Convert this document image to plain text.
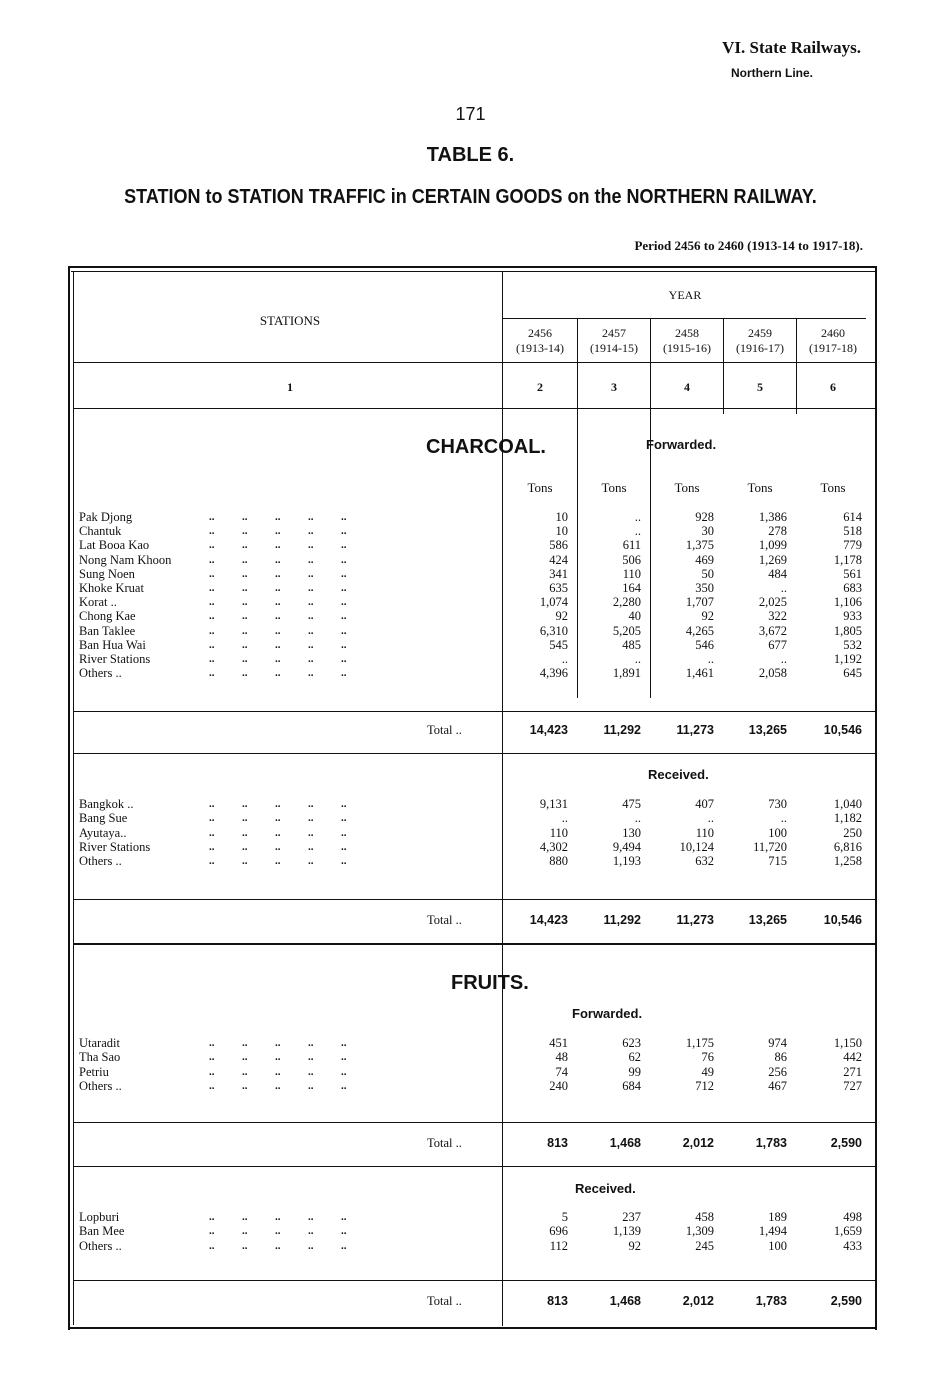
VI. State Railways.
Northern Line.
171
TABLE 6.
STATION to STATION TRAFFIC in CERTAIN GOODS on the NORTHERN RAILWAY.
Period 2456 to 2460 (1913-14 to 1917-18).
STATIONS
YEAR
2456
(1913-14)
2457
(1914-15)
2458
(1915-16)
2459
(1916-17)
2460
(1917-18)
1	2	3	4	5	6
CHARCOAL.	Forwarded.
Tons	Tons	Tons	Tons	Tons
Pak Djong	..          ..          ..          ..          ..	10	..	928	1,386	614
Chantuk	..          ..          ..          ..          ..	10	..	30	278	518
Lat Booa Kao	..          ..          ..          ..          ..	586	611	1,375	1,099	779
Nong Nam Khoon	..          ..          ..          ..          ..	424	506	469	1,269	1,178
Sung Noen	..          ..          ..          ..          ..	341	110	50	484	561
Khoke Kruat	..          ..          ..          ..          ..	635	164	350	..	683
Korat ..	..          ..          ..          ..          ..	1,074	2,280	1,707	2,025	1,106
Chong Kae	..          ..          ..          ..          ..	92	40	92	322	933
Ban Taklee	..          ..          ..          ..          ..	6,310	5,205	4,265	3,672	1,805
Ban Hua Wai	..          ..          ..          ..          ..	545	485	546	677	532
River Stations	..          ..          ..          ..          ..	..	..	..	..	1,192
Others ..	..          ..          ..          ..          ..	4,396	1,891	1,461	2,058	645
Total ..	14,423	11,292	11,273	13,265	10,546
Received.
Bangkok ..	..          ..          ..          ..          ..	9,131	475	407	730	1,040
Bang Sue	..          ..          ..          ..          ..	..	..	..	..	1,182
Ayutaya..	..          ..          ..          ..          ..	110	130	110	100	250
River Stations	..          ..          ..          ..          ..	4,302	9,494	10,124	11,720	6,816
Others ..	..          ..          ..          ..          ..	880	1,193	632	715	1,258
Total ..	14,423	11,292	11,273	13,265	10,546
FRUITS.
Forwarded.
Utaradit	..          ..          ..          ..          ..	451	623	1,175	974	1,150
Tha Sao	..          ..          ..          ..          ..	48	62	76	86	442
Petriu	..          ..          ..          ..          ..	74	99	49	256	271
Others ..	..          ..          ..          ..          ..	240	684	712	467	727
Total ..	813	1,468	2,012	1,783	2,590
Received.
Lopburi	..          ..          ..          ..          ..	5	237	458	189	498
Ban Mee	..          ..          ..          ..          ..	696	1,139	1,309	1,494	1,659
Others ..	..          ..          ..          ..          ..	112	92	245	100	433
Total ..	813	1,468	2,012	1,783	2,590
